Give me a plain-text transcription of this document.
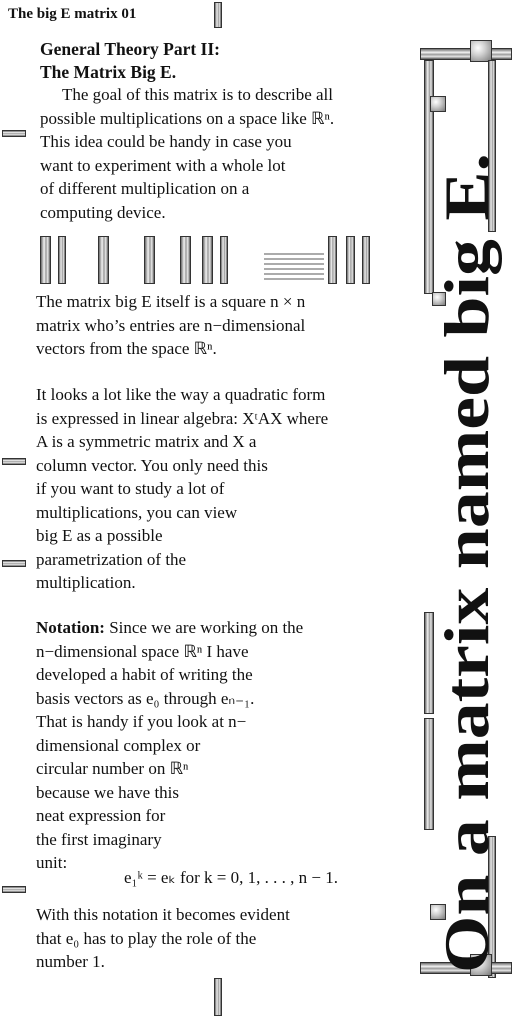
The big E matrix 01
On a matrix named big E.

General Theory Part II:

The Matrix Big E.

The goal of this matrix is to describe all

possible multiplications on a space like ℝⁿ.

This idea could be handy in case you

want to experiment with a whole lot

of different multiplication on a

computing device.

The matrix big E itself is a square n × n

matrix who’s entries are n−dimensional

vectors from the space ℝⁿ.

It looks a lot like the way a quadratic form

is expressed in linear algebra: XᵗAX where

A is a symmetric matrix and X a

column vector. You only need this

if you want to study a lot of

multiplications, you can view

big E as a possible

parametrization of the

multiplication.

Notation: Since we are working on the

n−dimensional space ℝⁿ I have

developed a habit of writing the

basis vectors as e₀ through eₙ₋₁.

That is handy if you look at n−

dimensional complex or

circular number on ℝⁿ

because we have this

neat expression for

the first imaginary

unit:

e₁ᵏ = eₖ for k = 0, 1, . . . , n − 1.

With this notation it becomes evident

that e₀ has to play the role of the

number 1.
